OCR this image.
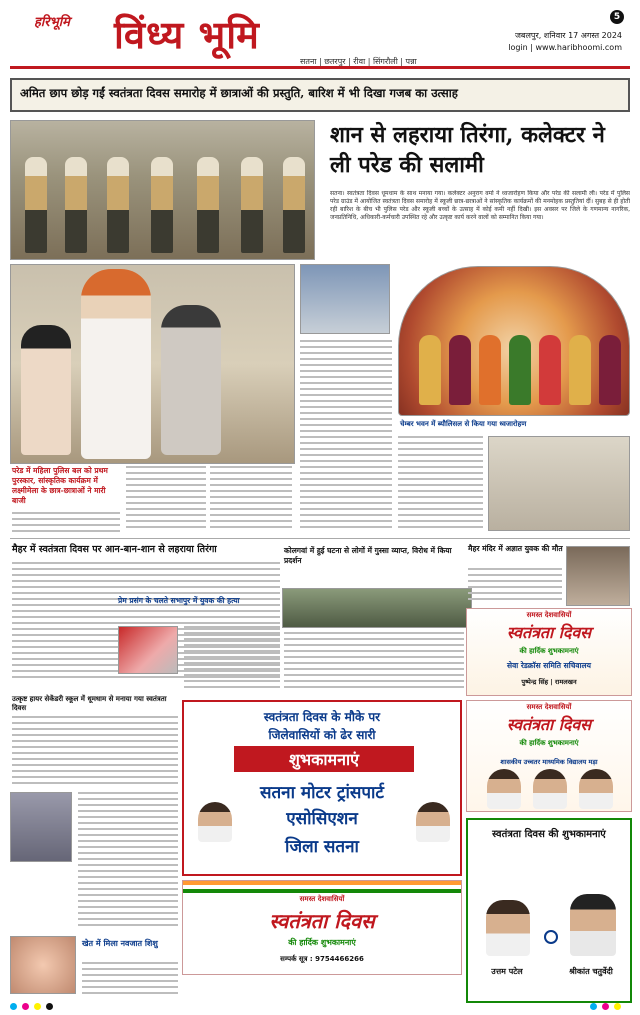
हरिभूमि विंध्य भूमि	5
जबलपुर, शनिवार 17 अगस्त 2024
login | www.haribhoomi.com
सतना | छतरपुर | रीवा | सिंगरौली | पन्ना
अमित छाप छोड़ गईं स्वतंत्रता दिवस समारोह में छात्राओं की प्रस्तुति, बारिश में भी दिखा गजब का उत्साह
शान से लहराया तिरंगा, कलेक्टर ने ली परेड की सलामी
सतना। स्वतंत्रता दिवस धूमधाम के साथ मनाया गया। कलेक्टर अनुराग वर्मा ने ध्वजारोहण किया और परेड की सलामी ली। परेड में पुलिस परेड ग्राउंड में आयोजित स्वतंत्रता दिवस समारोह में स्कूली छात्र-छात्राओं ने सांस्कृतिक कार्यक्रमों की मनमोहक प्रस्तुतियां दीं। सुबह से ही होती रही बारिश के बीच भी पुलिस परेड और स्कूली बच्चों के उत्साह में कोई कमी नहीं दिखी। इस अवसर पर जिले के गणमान्य नागरिक, जनप्रतिनिधि, अधिकारी-कर्मचारी उपस्थित रहे और उत्कृष्ट कार्य करने वालों को सम्मानित किया गया।
परेड में महिला पुलिस बल को प्रथम पुरस्कार, सांस्कृतिक कार्यक्रम में लक्ष्मीमेला के छात्र-छात्राओं ने मारी बाजी
चेम्बर भवन में ब्यौलिसल से किया गया ध्वजारोहण
मैहर में स्वतंत्रता दिवस पर आन-बान-शान से लहराया तिरंगा	कोलगवां में हुई घटना से लोगों में गुस्सा व्याप्त, विरोध में किया प्रदर्शन
मैहर मंदिर में अज्ञात युवक की मौत
समस्त देशवासियों
स्वतंत्रता दिवस
की हार्दिक शुभकामनाएं
सेवा रेडक्रॉस समिति सचिवालय
पुष्पेन्द्र सिंह | रामलखन
समस्त देशवासियों
स्वतंत्रता दिवस
की हार्दिक शुभकामनाएं
शासकीय उच्चतर माध्यमिक विद्यालय मड़ा
स्वतंत्रता दिवस की शुभकामनाएं
उत्तम पटेल	श्रीकांत चतुर्वेदी
प्रेम प्रसंग के चलते सभापुर में युवक की हत्या
उत्कृष्ट हायर सेकेंडरी स्कूल में धूमधाम से मनाया गया स्वतंत्रता दिवस
स्वतंत्रता दिवस के मौके पर
जिलेवासियों को ढेर सारी
शुभकामनाएं
सतना मोटर ट्रांसपार्ट
एसोसिएशन
जिला सतना
समस्त देशवासियों
स्वतंत्रता दिवस
की हार्दिक शुभकामनाएं
सम्पर्क सूत्र : 9754466266
खेत में मिला नवजात शिशु
